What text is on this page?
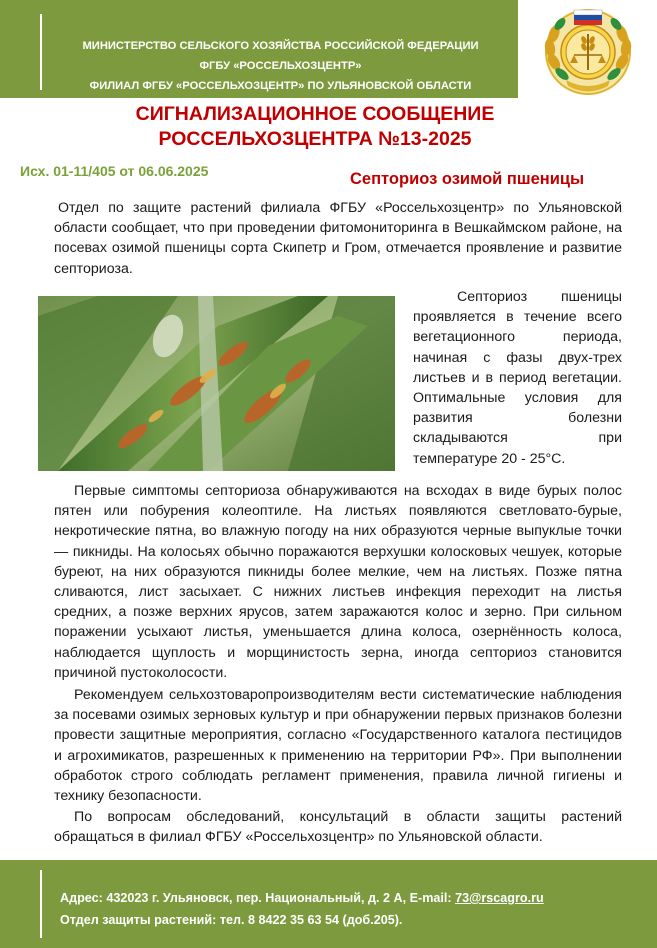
МИНИСТЕРСТВО СЕЛЬСКОГО ХОЗЯЙСТВА РОССИЙСКОЙ ФЕДЕРАЦИИ
ФГБУ «РОССЕЛЬХОЗЦЕНТР»
ФИЛИАЛ ФГБУ «РОССЕЛЬХОЗЦЕНТР» ПО УЛЬЯНОВСКОЙ ОБЛАСТИ
СИГНАЛИЗАЦИОННОЕ СООБЩЕНИЕ
РОССЕЛЬХОЗЦЕНТРА №13-2025
Исх. 01-11/405 от 06.06.2025	Септориоз озимой пшеницы

Отдел по защите растений филиала ФГБУ «Россельхозцентр» по Ульяновской области сообщает, что при проведении фитомониторинга в Вешкаймском районе, на посевах озимой пшеницы сорта Скипетр и Гром, отмечается проявление и развитие септориоза.

Септориоз пшеницы проявляется в течение всего вегетационного периода, начиная с фазы двух-трех листьев и в период вегетации. Оптимальные условия для развития болезни складываются при температуре 20 - 25°С.

Первые симптомы септориоза обнаруживаются на всходах в виде бурых полос пятен или побурения колеоптиле. На листьях появляются светловато-бурые, некротические пятна, во влажную погоду на них образуются черные выпуклые точки — пикниды. На колосьях обычно поражаются верхушки колосковых чешуек, которые буреют, на них образуются пикниды более мелкие, чем на листьях. Позже пятна сливаются, лист засыхает. С нижних листьев инфекция переходит на листья средних, а позже верхних ярусов, затем заражаются колос и зерно. При сильном поражении усыхают листья, уменьшается длина колоса, озернённость колоса, наблюдается щуплость и морщинистость зерна, иногда септориоз становится причиной пустоколосости.

Рекомендуем сельхозтоваропроизводителям вести систематические наблюдения за посевами озимых зерновых культур и при обнаружении первых признаков болезни провести защитные мероприятия, согласно «Государственного каталога пестицидов и агрохимикатов, разрешенных к применению на территории РФ». При выполнении обработок строго соблюдать регламент применения, правила личной гигиены и технику безопасности.

По вопросам обследований, консультаций в области защиты растений обращаться в филиал ФГБУ «Россельхозцентр» по Ульяновской области.

Адрес: 432023 г. Ульяновск, пер. Национальный, д. 2 А, E-mail: 73@rscagro.ru
Отдел защиты растений: тел. 8 8422 35 63 54 (доб.205).
